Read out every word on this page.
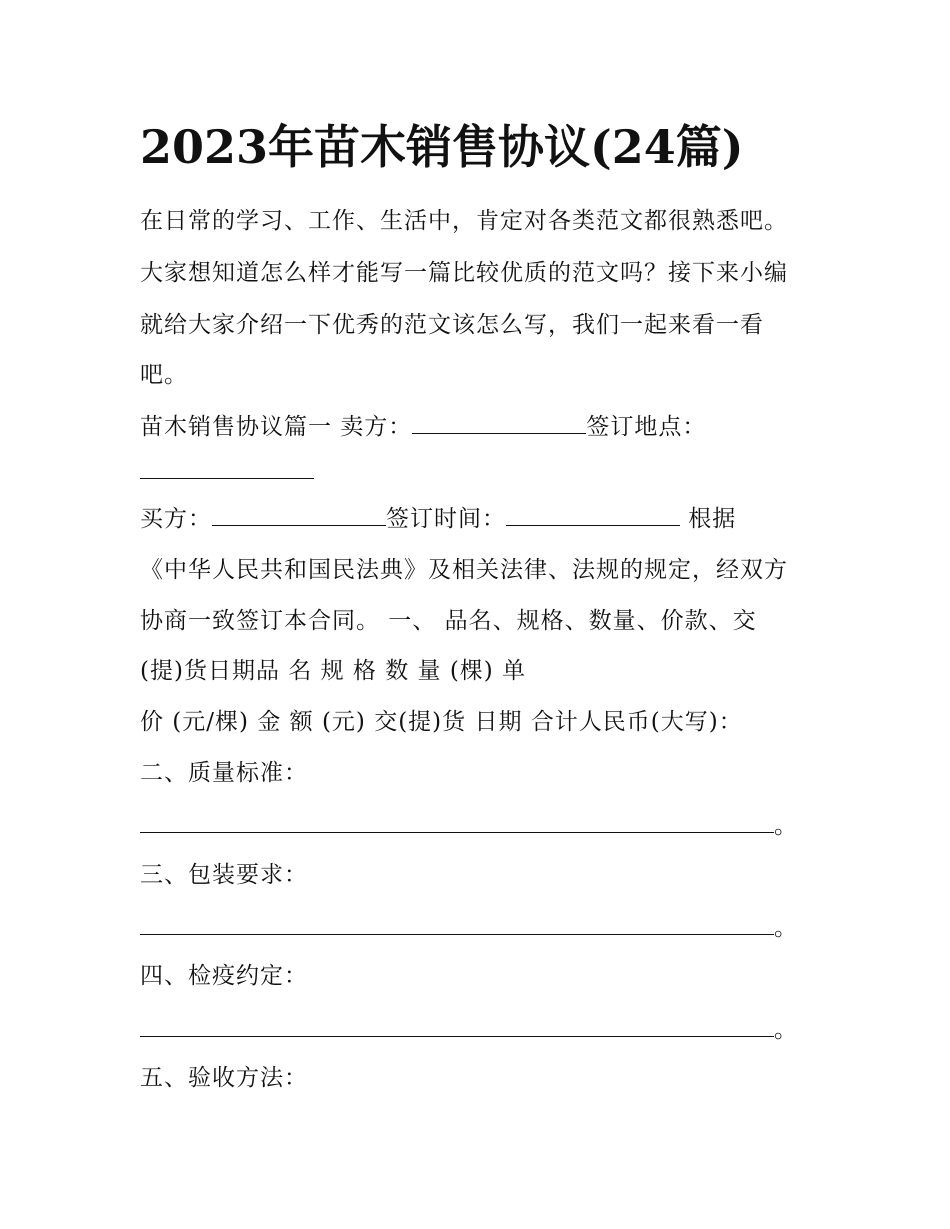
2023年苗木销售协议(24篇)
在日常的学习、工作、生活中，肯定对各类范文都很熟悉吧。
大家想知道怎么样才能写一篇比较优质的范文吗？接下来小编
就给大家介绍一下优秀的范文该怎么写，我们一起来看一看
吧。
苗木销售协议篇一 卖方：	签订地点：
买方：	签订时间：	根据
《中华人民共和国民法典》及相关法律、法规的规定，经双方
协商一致签订本合同。 一、 品名、规格、数量、价款、交
(提)货日期品 名 规 格 数 量 (棵) 单
价 (元/棵) 金 额 (元) 交(提)货 日期 合计人民币(大写)：
二、质量标准：
。
三、包装要求：
。
四、检疫约定：
。
五、验收方法：
